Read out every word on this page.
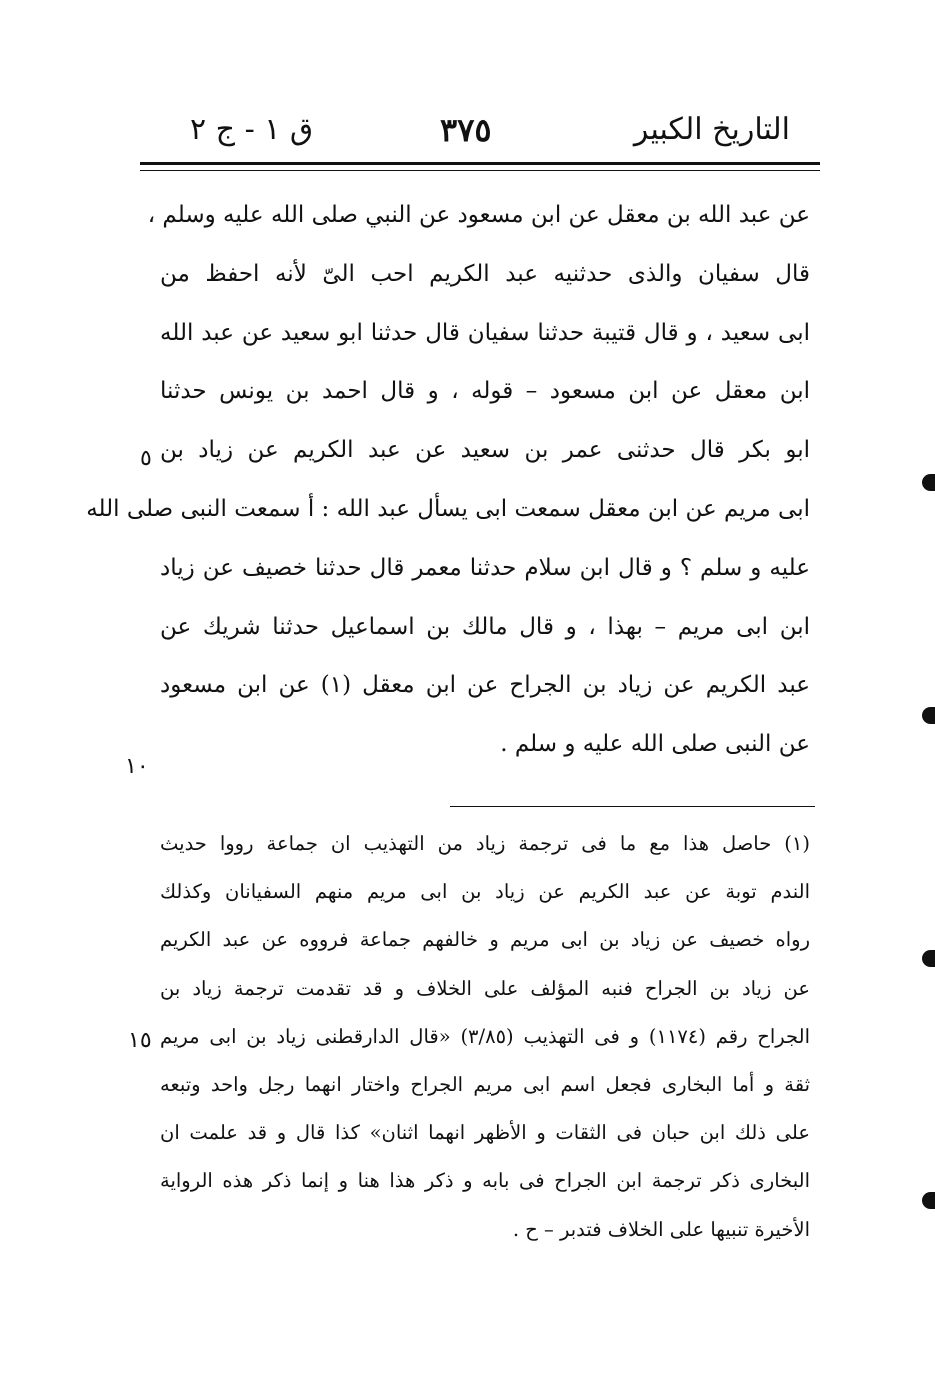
التاريخ الكبير
٣٧٥
ق ١ - ج ٢
عن عبد الله بن معقل عن ابن مسعود عن النبي صلى الله عليه وسلم ،
قال سفيان والذى حدثنيه عبد الكريم احب الىّ لأنه احفظ من
ابى سعيد ، و قال قتيبة حدثنا سفيان قال حدثنا ابو سعيد عن عبد الله
ابن معقل عن ابن مسعود – قوله ، و قال احمد بن يونس حدثنا
ابو بكر قال حدثنى عمر بن سعيد عن عبد الكريم عن زياد بن
ابى مريم عن ابن معقل سمعت ابى يسأل عبد الله : أ سمعت النبى صلى الله
عليه و سلم ؟ و قال ابن سلام حدثنا معمر قال حدثنا خصيف عن زياد
ابن ابى مريم – بهذا ، و قال مالك بن اسماعيل حدثنا شريك عن
عبد الكريم عن زياد بن الجراح عن ابن معقل (١) عن ابن مسعود
عن النبى صلى الله عليه و سلم .
٥
١٠
(١) حاصل هذا مع ما فى ترجمة زياد من التهذيب ان جماعة رووا حديث
الندم توبة عن عبد الكريم عن زياد بن ابى مريم منهم السفيانان وكذلك
رواه خصيف عن زياد بن ابى مريم و خالفهم جماعة فرووه عن عبد الكريم
عن زياد بن الجراح فنبه المؤلف على الخلاف و قد تقدمت ترجمة زياد بن
الجراح رقم (١١٧٤) و فى التهذيب (٣/٨٥) «قال الدارقطنى زياد بن ابى مريم
ثقة و أما البخارى فجعل اسم ابى مريم الجراح واختار انهما رجل واحد وتبعه
على ذلك ابن حبان فى الثقات و الأظهر انهما اثنان» كذا قال و قد علمت ان
البخارى ذكر ترجمة ابن الجراح فى بابه و ذكر هذا هنا و إنما ذكر هذه الرواية
الأخيرة تنبيها على الخلاف فتدبر – ح .
١٥
